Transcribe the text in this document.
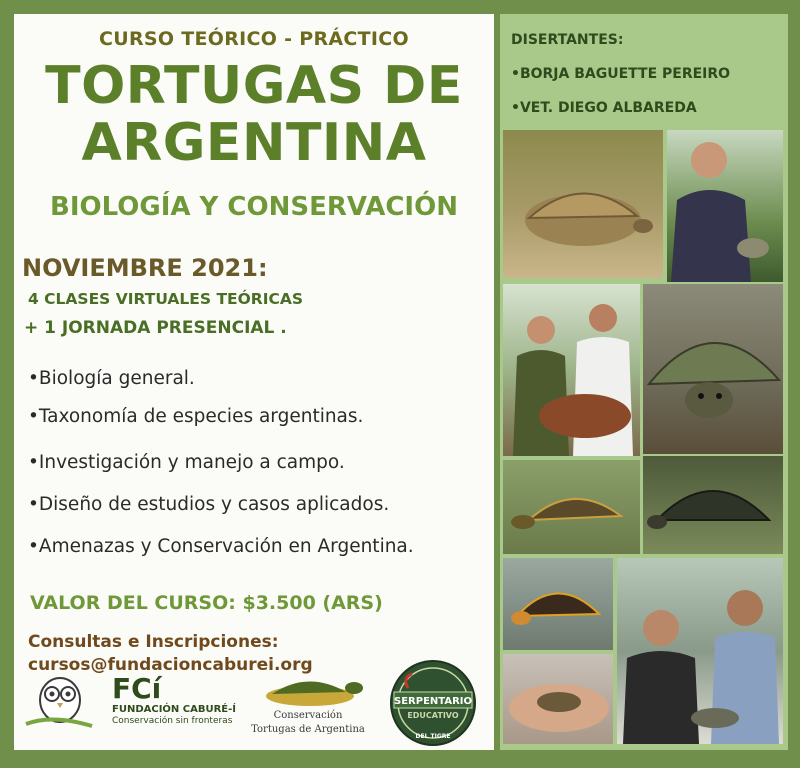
CURSO TEÓRICO - PRÁCTICO
TORTUGAS DE
ARGENTINA
BIOLOGÍA Y CONSERVACIÓN
NOVIEMBRE 2021:
4 CLASES VIRTUALES TEÓRICAS
+ 1 JORNADA PRESENCIAL .
•Biología general.
•Taxonomía de especies argentinas.
•Investigación y manejo a campo.
•Diseño de estudios y casos aplicados.
•Amenazas y Conservación en Argentina.
VALOR DEL CURSO: $3.500 (ARS)
Consultas e Inscripciones:
cursos@fundacioncaburei.org
FCí
FUNDACIÓN CABURÉ-Í
Conservación sin fronteras	Conservación
Tortugas de Argentina
SERPENTARIO
EDUCATIVO
DEL TIGRE
DISERTANTES:
•BORJA BAGUETTE PEREIRO
•VET. DIEGO ALBAREDA
